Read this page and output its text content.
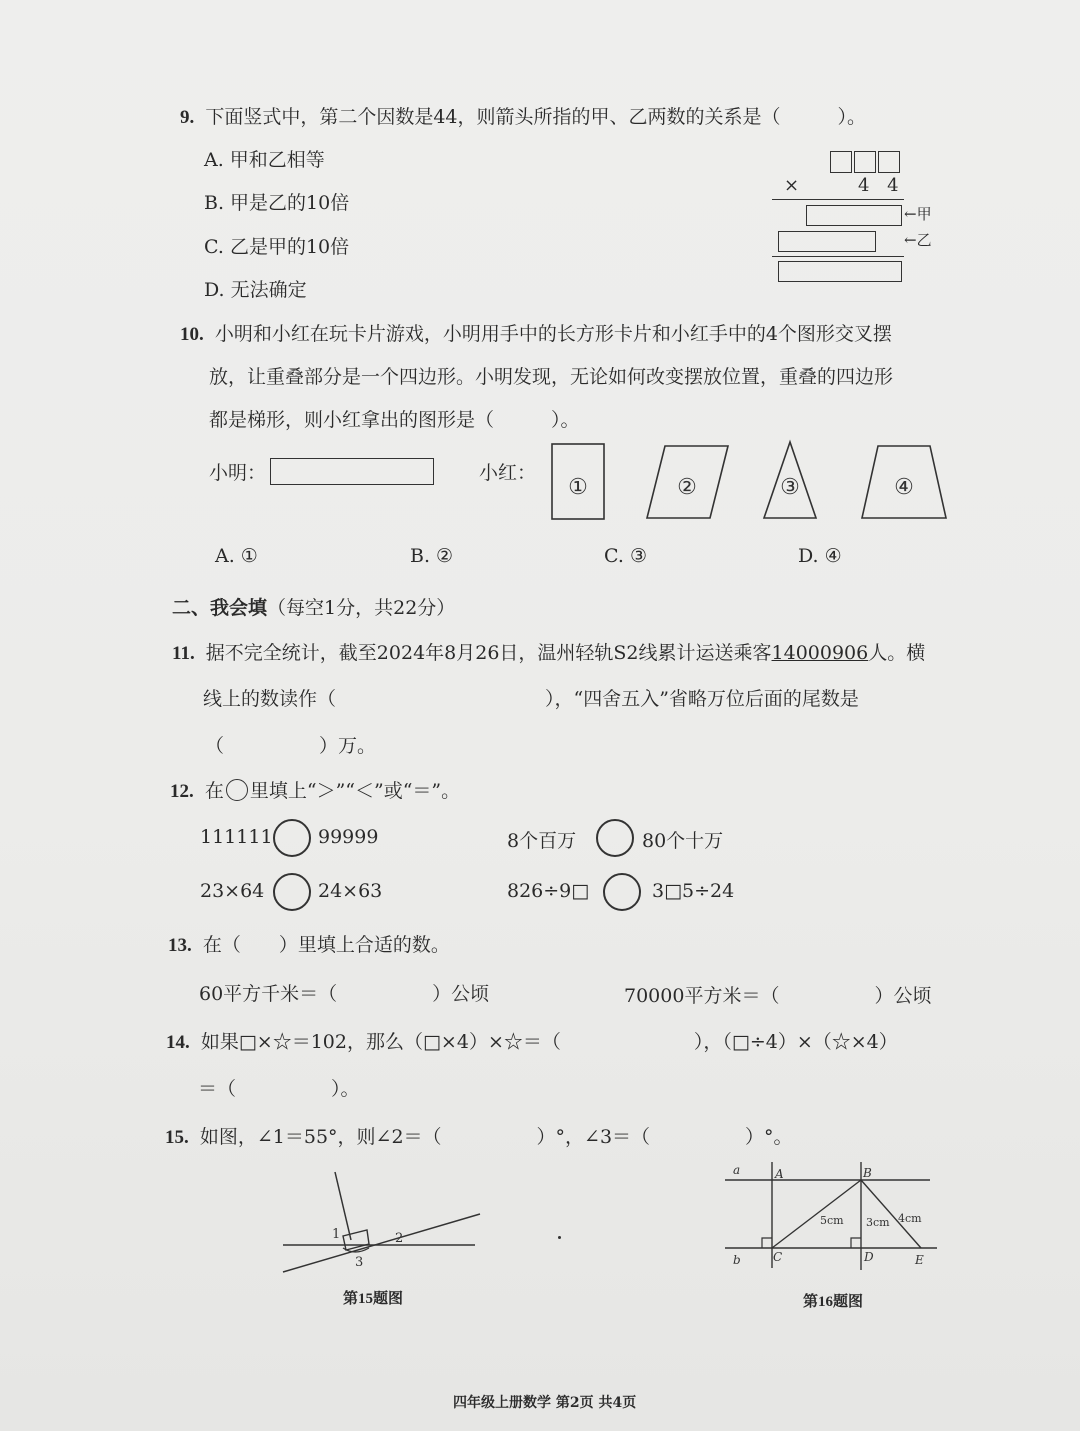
9. 下面竖式中，第二个因数是44，则箭头所指的甲、乙两数的关系是（　　　）。
A. 甲和乙相等
B. 甲是乙的10倍
C. 乙是甲的10倍
D. 无法确定
×	4 4
←甲
←乙
10. 小明和小红在玩卡片游戏，小明用手中的长方形卡片和小红手中的4个图形交叉摆
放，让重叠部分是一个四边形。小明发现，无论如何改变摆放位置，重叠的四边形
都是梯形，则小红拿出的图形是（　　　）。
小明：	小红：
①	②	③	④
A. ①	B. ②	C. ③	D. ④
二、我会填（每空1分，共22分）
11. 据不完全统计，截至2024年8月26日，温州轻轨S2线累计运送乘客14000906人。横
线上的数读作（　　　　　　　　　　　），“四舍五入”省略万位后面的尾数是
（　　　　　）万。
12. 在 里填上“＞”“＜”或“＝”。
111111 99999	8个百万	80个十万
23×64	24×63	826÷9□	3□5÷24
13. 在（　　）里填上合适的数。
60平方千米＝（　　　　　）公顷	70000平方米＝（　　　　　）公顷
14. 如果□×☆＝102，那么（□×4）×☆＝（　　　　　　　），（□÷4）×（☆×4）
＝（　　　　　）。
15. 如图，∠1＝55°，则∠2＝（　　　　　）°，∠3＝（　　　　　）°。
1	2
3
第15题图
a
b
A	B
C	D	E
5cm 3cm 4cm
第16题图
四年级上册数学 第2页 共4页
